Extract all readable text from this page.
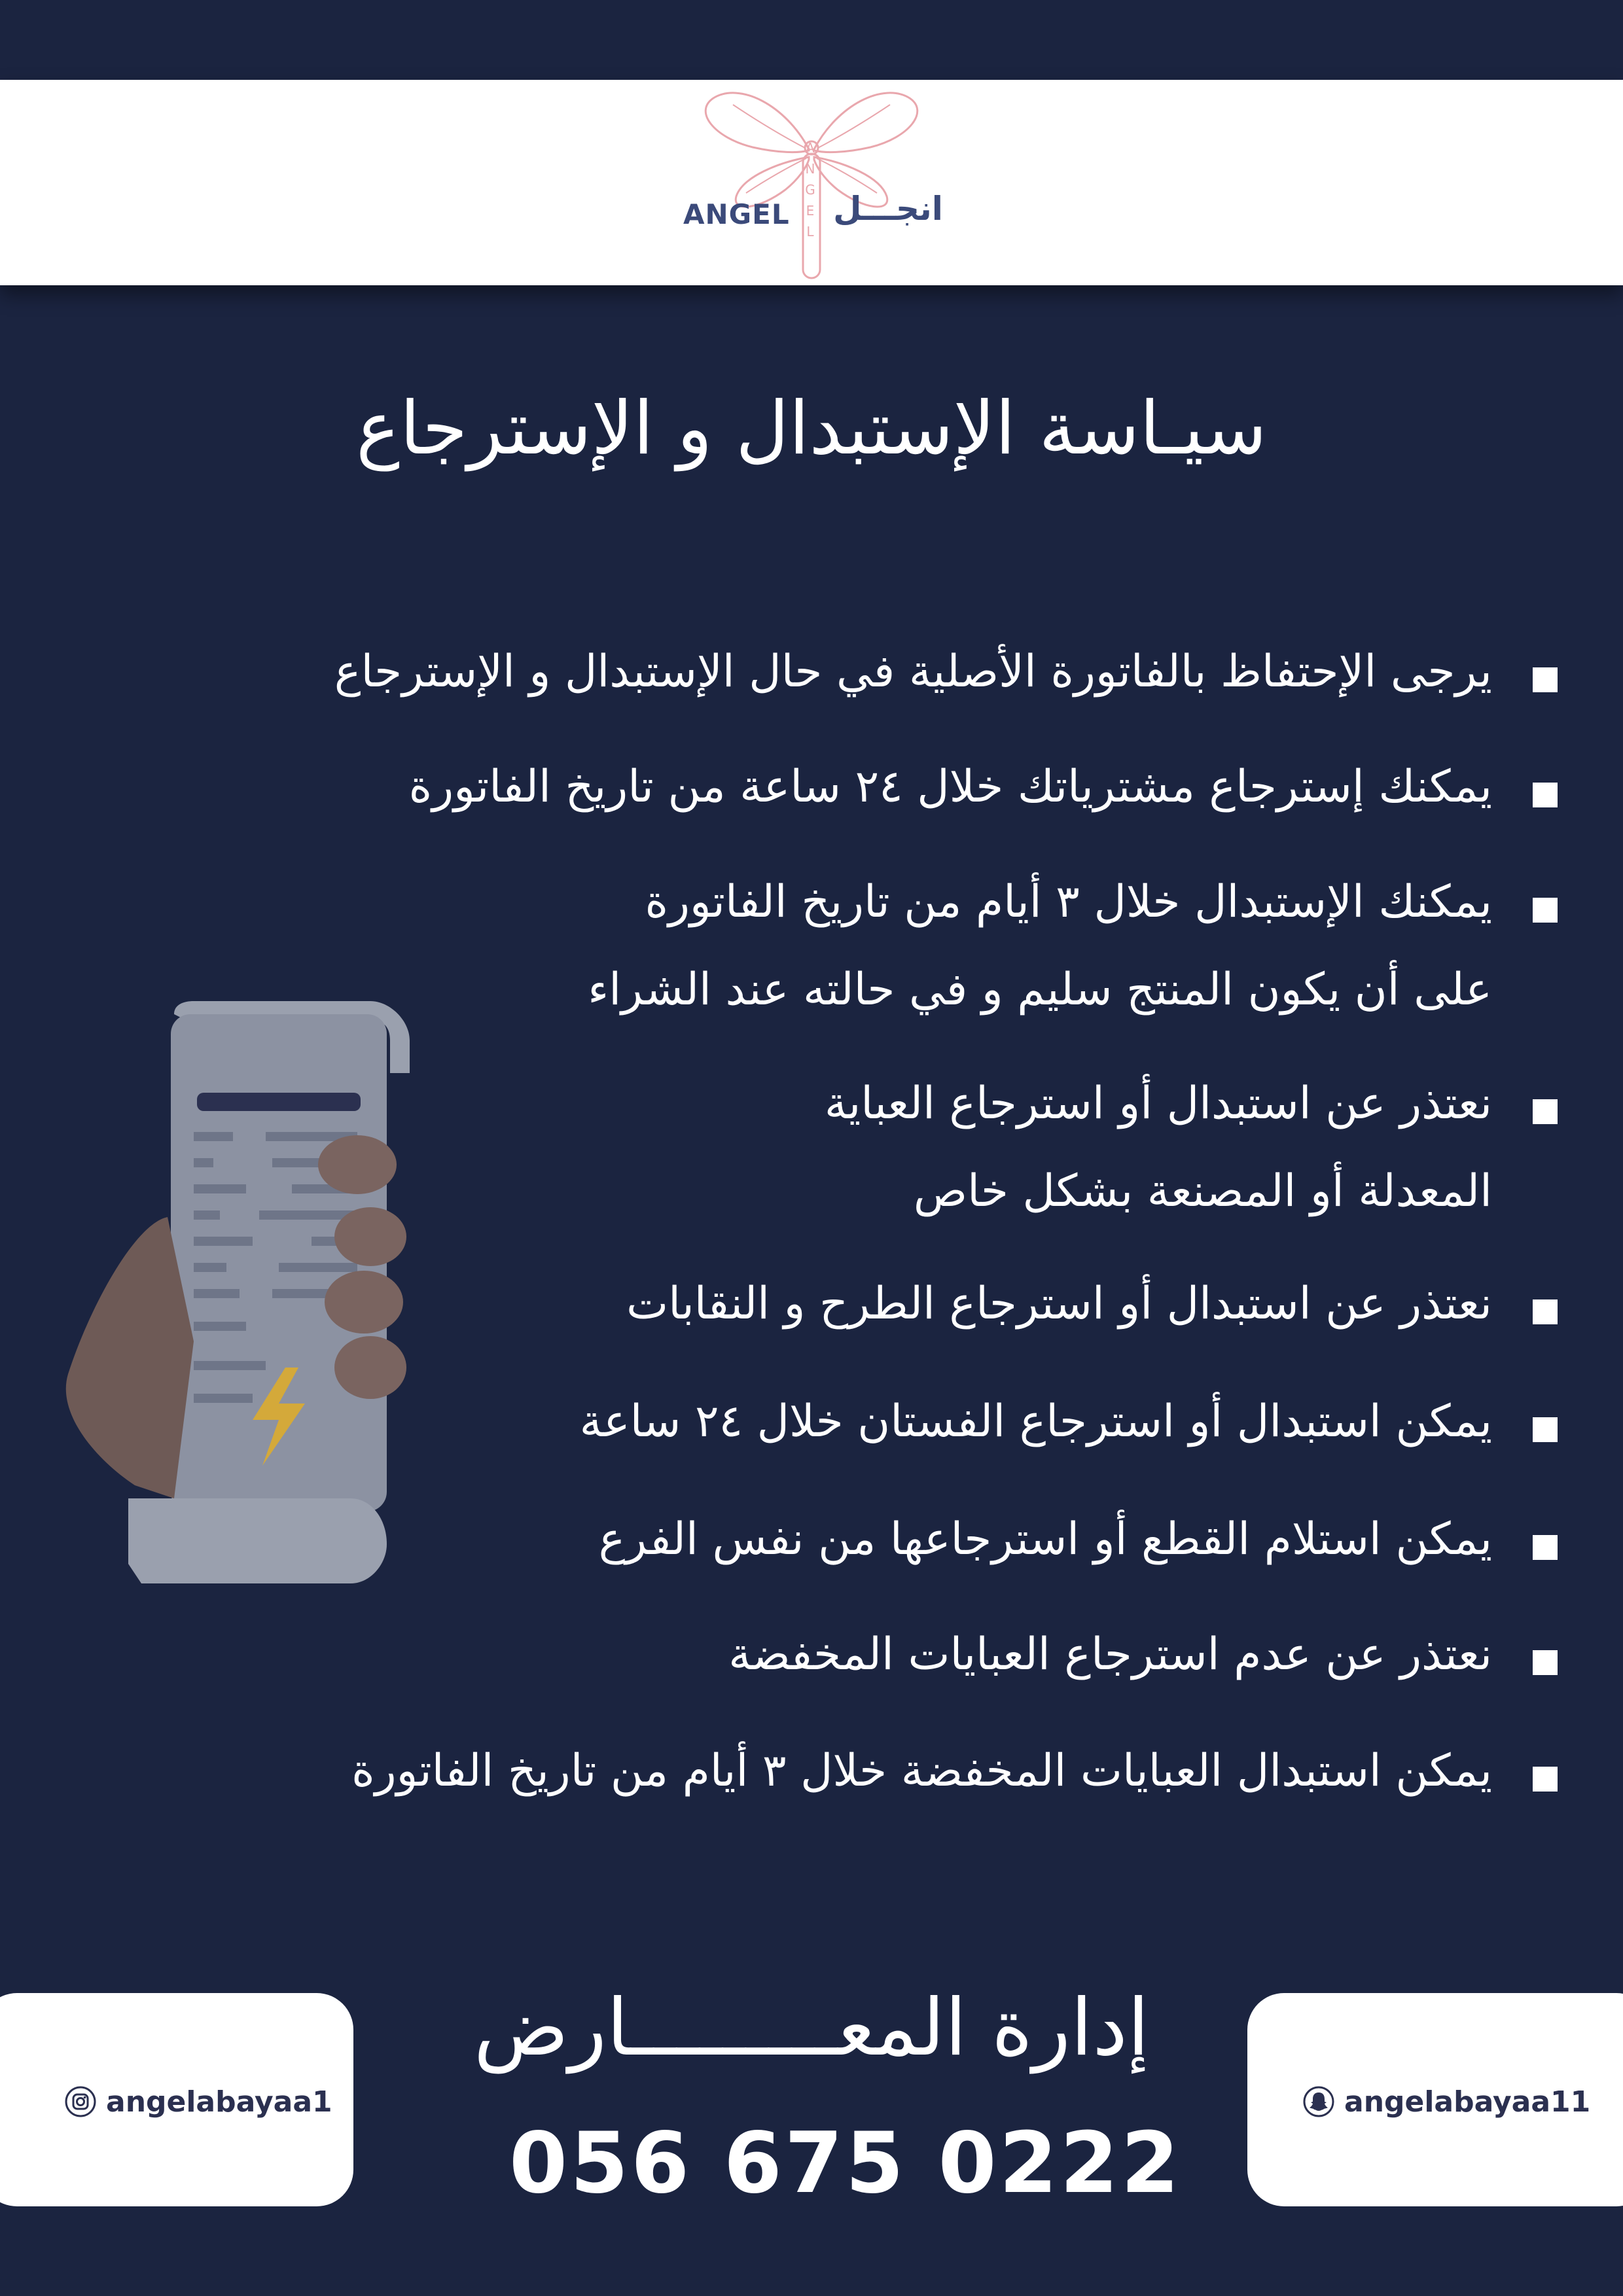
ANGEL انجـــل
A
N
G
E
L
سيـاسة الإستبدال و الإسترجاع
يرجى الإحتفاظ بالفاتورة الأصلية في حال الإستبدال و الإسترجاع
يمكنك إسترجاع مشترياتك خلال ٢٤ ساعة من تاريخ الفاتورة
يمكنك الإستبدال خلال ٣ أيام من تاريخ الفاتورة
على أن يكون المنتج سليم و في حالته عند الشراء
نعتذر عن استبدال أو استرجاع العباية
المعدلة أو المصنعة بشكل خاص
نعتذر عن استبدال أو استرجاع الطرح و النقابات
يمكن استبدال أو استرجاع الفستان خلال ٢٤ ساعة
يمكن استلام القطع أو استرجاعها من نفس الفرع
نعتذر عن عدم استرجاع العبايات المخفضة
يمكن استبدال العبايات المخفضة خلال ٣ أيام من تاريخ الفاتورة
angelabayaa1	angelabayaa11
إدارة المعـــــــــارض
056 675 0222
